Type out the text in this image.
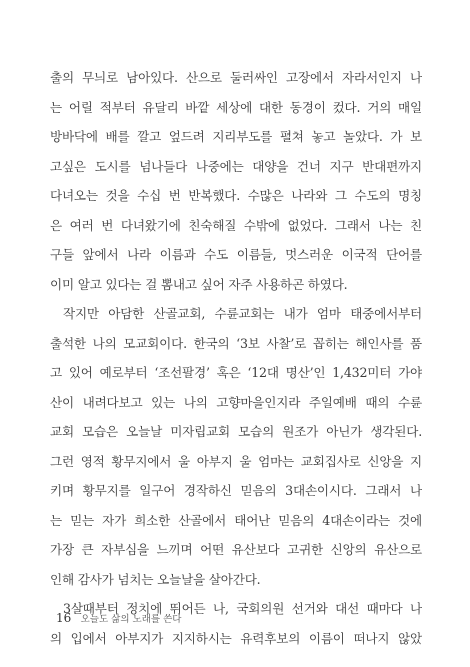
출의 무늬로 남아있다. 산으로 둘러싸인 고장에서 자라서인지 나
는 어릴 적부터 유달리 바깥 세상에 대한 동경이 컸다. 거의 매일
방바닥에 배를 깔고 엎드려 지리부도를 펼쳐 놓고 놀았다. 가 보
고싶은 도시를 넘나들다 나중에는 대양을 건너 지구 반대편까지
다녀오는 것을 수십 번 반복했다. 수많은 나라와 그 수도의 명칭
은 여러 번 다녀왔기에 친숙해질 수밖에 없었다. 그래서 나는 친
구들 앞에서 나라 이름과 수도 이름들, 멋스러운 이국적 단어를
이미 알고 있다는 걸 뽐내고 싶어 자주 사용하곤 하였다.
작지만 아담한 산골교회, 수륜교회는 내가 엄마 태중에서부터
출석한 나의 모교회이다. 한국의 ‘3보 사찰’로 꼽히는 해인사를 품
고 있어 예로부터 ‘조선팔경’ 혹은 ‘12대 명산’인 1,432미터 가야
산이 내려다보고 있는 나의 고향마을인지라 주일예배 때의 수륜
교회 모습은 오늘날 미자립교회 모습의 원조가 아닌가 생각된다.
그런 영적 황무지에서 울 아부지 울 엄마는 교회집사로 신앙을 지
키며 황무지를 일구어 경작하신 믿음의 3대손이시다. 그래서 나
는 믿는 자가 희소한 산골에서 태어난 믿음의 4대손이라는 것에
가장 큰 자부심을 느끼며 어떤 유산보다 고귀한 신앙의 유산으로
인해 감사가 넘치는 오늘날을 살아간다.
3살때부터 정치에 뛰어든 나, 국회의원 선거와 대선 때마다 나
의 입에서 아부지가 지지하시는 유력후보의 이름이 떠나지 않았
16 오늘도 삶의 노래를 쓴다
